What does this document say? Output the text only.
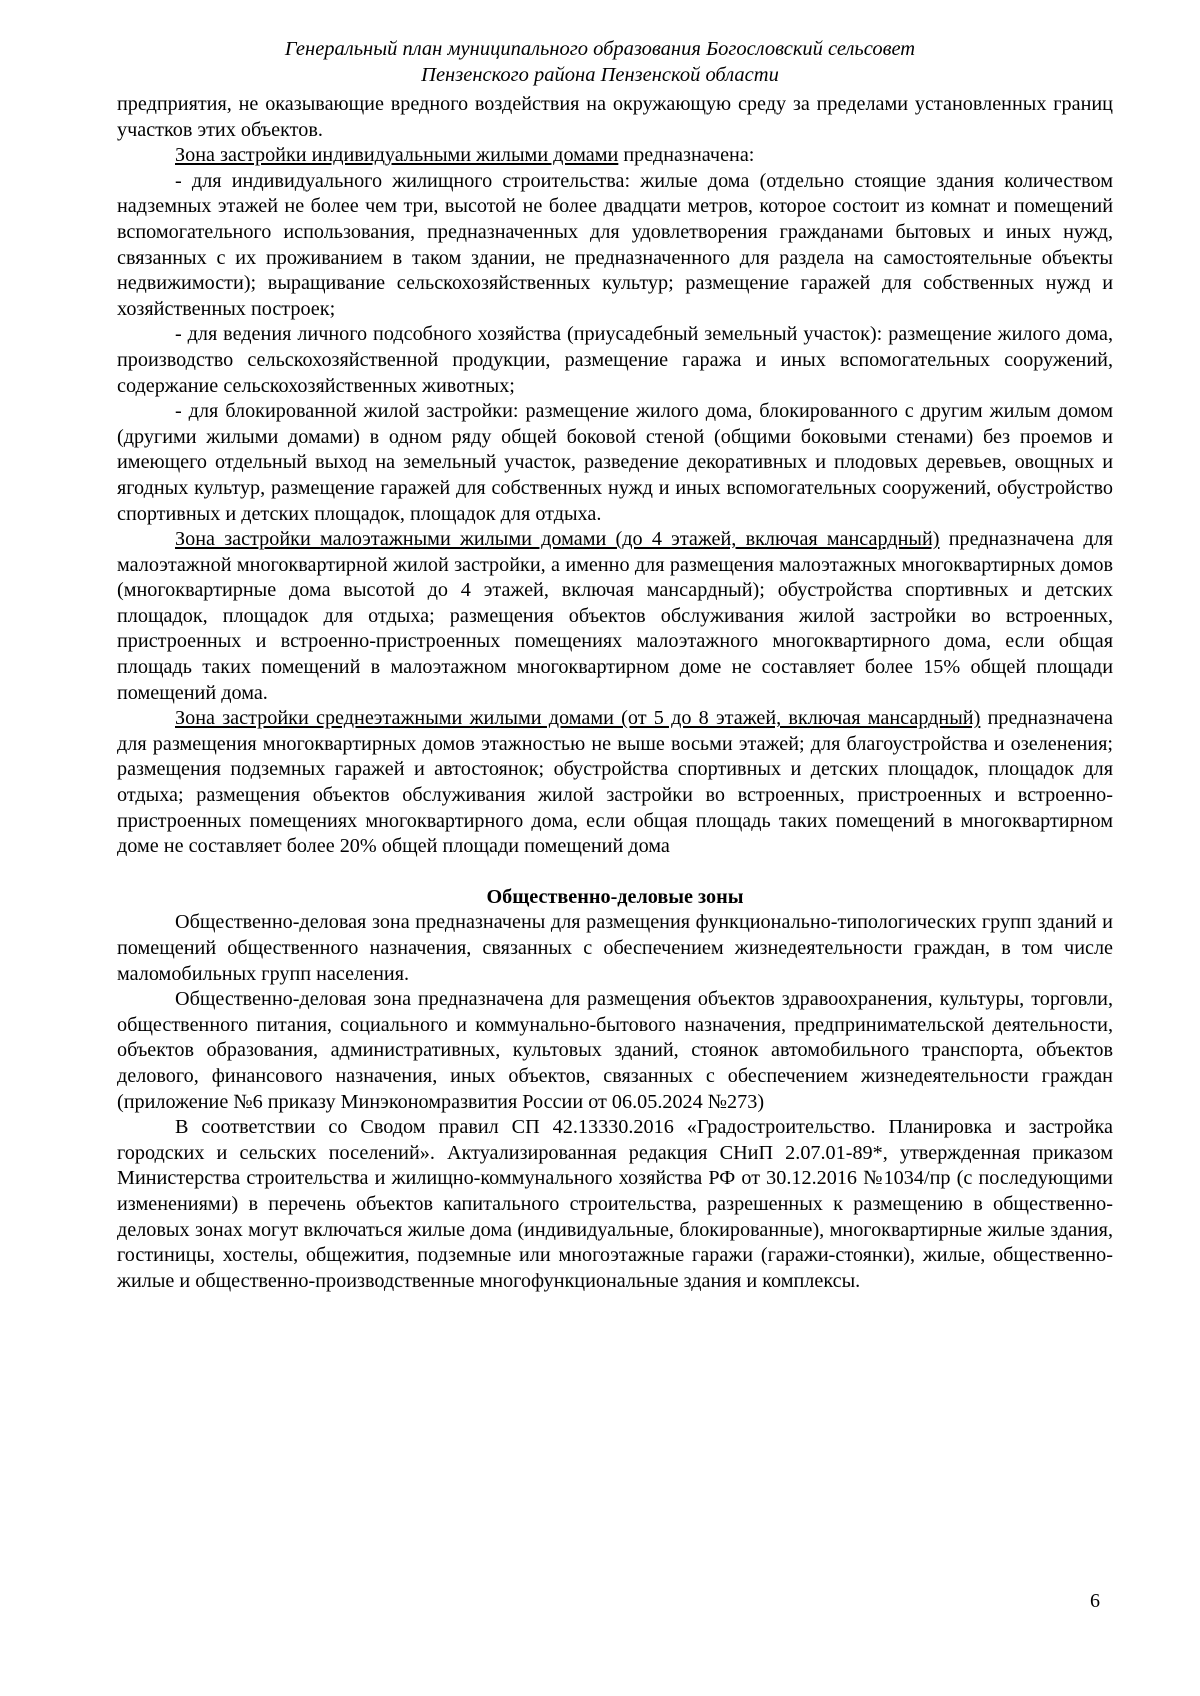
Генеральный план муниципального образования Богословский сельсовет
Пензенского района Пензенской области

предприятия, не оказывающие вредного воздействия на окружающую среду за пределами установленных границ участков этих объектов.

Зона застройки индивидуальными жилыми домами предназначена:

- для индивидуального жилищного строительства: жилые дома (отдельно стоящие здания количеством надземных этажей не более чем три, высотой не более двадцати метров, которое состоит из комнат и помещений вспомогательного использования, предназначенных для удовлетворения гражданами бытовых и иных нужд, связанных с их проживанием в таком здании, не предназначенного для раздела на самостоятельные объекты недвижимости); выращивание сельскохозяйственных культур; размещение гаражей для собственных нужд и хозяйственных построек;

- для ведения личного подсобного хозяйства (приусадебный земельный участок): размещение жилого дома, производство сельскохозяйственной продукции, размещение гаража и иных вспомогательных сооружений, содержание сельскохозяйственных животных;

- для блокированной жилой застройки: размещение жилого дома, блокированного с другим жилым домом (другими жилыми домами) в одном ряду общей боковой стеной (общими боковыми стенами) без проемов и имеющего отдельный выход на земельный участок, разведение декоративных и плодовых деревьев, овощных и ягодных культур, размещение гаражей для собственных нужд и иных вспомогательных сооружений, обустройство спортивных и детских площадок, площадок для отдыха.

Зона застройки малоэтажными жилыми домами (до 4 этажей, включая мансардный) предназначена для малоэтажной многоквартирной жилой застройки, а именно для размещения малоэтажных многоквартирных домов (многоквартирные дома высотой до 4 этажей, включая мансардный); обустройства спортивных и детских площадок, площадок для отдыха; размещения объектов обслуживания жилой застройки во встроенных, пристроенных и встроенно-пристроенных помещениях малоэтажного многоквартирного дома, если общая площадь таких помещений в малоэтажном многоквартирном доме не составляет более 15% общей площади помещений дома.

Зона застройки среднеэтажными жилыми домами (от 5 до 8 этажей, включая мансардный) предназначена для размещения многоквартирных домов этажностью не выше восьми этажей; для благоустройства и озеленения; размещения подземных гаражей и автостоянок; обустройства спортивных и детских площадок, площадок для отдыха; размещения объектов обслуживания жилой застройки во встроенных, пристроенных и встроенно-пристроенных помещениях многоквартирного дома, если общая площадь таких помещений в многоквартирном доме не составляет более 20% общей площади помещений дома

Общественно-деловые зоны

Общественно-деловая зона предназначены для размещения функционально-типологических групп зданий и помещений общественного назначения, связанных с обеспечением жизнедеятельности граждан, в том числе маломобильных групп населения.

Общественно-деловая зона предназначена для размещения объектов здравоохранения, культуры, торговли, общественного питания, социального и коммунально-бытового назначения, предпринимательской деятельности, объектов образования, административных, культовых зданий, стоянок автомобильного транспорта, объектов делового, финансового назначения, иных объектов, связанных с обеспечением жизнедеятельности граждан (приложение №6 приказу Минэкономразвития России от 06.05.2024 №273)

В соответствии со Сводом правил СП 42.13330.2016 «Градостроительство. Планировка и застройка городских и сельских поселений». Актуализированная редакция СНиП 2.07.01-89*, утвержденная приказом Министерства строительства и жилищно-коммунального хозяйства РФ от 30.12.2016 №1034/пр (с последующими изменениями) в перечень объектов капитального строительства, разрешенных к размещению в общественно-деловых зонах могут включаться жилые дома (индивидуальные, блокированные), многоквартирные жилые здания, гостиницы, хостелы, общежития, подземные или многоэтажные гаражи (гаражи-стоянки), жилые, общественно-жилые и общественно-производственные многофункциональные здания и комплексы.

6
